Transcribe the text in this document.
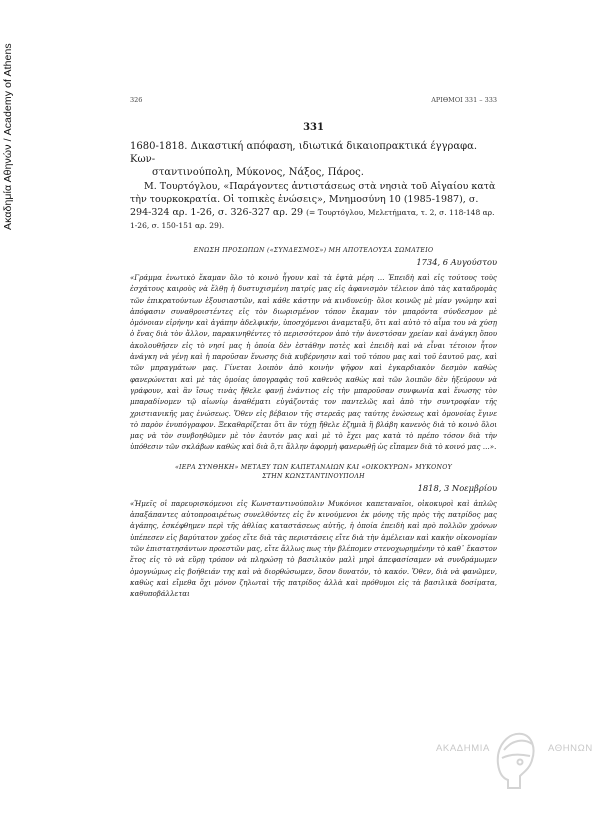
Ακαδημία Αθηνών / Academy of Athens	326	ΑΡΙΘΜΟΙ 331 – 333
331
1680-1818. Δικαστική απόφαση, ιδιωτικά δικαιοπρακτικά έγγραφα. Κων-
σταντινούπολη, Μύκονος, Νάξος, Πάρος.
Μ. Τουρτόγλου, «Παράγοντες ἀντιστάσεως στὰ νησιὰ τοῦ Αἰγαίου κατὰ τὴν τουρκοκρατία. Οἱ τοπικὲς ἑνώσεις», Μνημοσύνη 10 (1985-1987), σ. 294-324 αρ. 1-26, σ. 326-327 αρ. 29 (= Τουρτόγλου, Μελετήματα, τ. 2, σ. 118-148 αρ. 1-26, σ. 150-151 αρ. 29).
ΕΝΩΣΗ ΠΡΟΣΩΠΩΝ («ΣΥΝΔΕΣΜΟΣ») ΜΗ ΑΠΟΤΕΛΟΥΣΑ ΣΩΜΑΤΕΙΟ
1734, 6 Αυγούστου
«Γράμμα ἑνωτικὸ ἔκαμαν ὅλο τὸ κοινὸ ἦγουν καὶ τὰ ἑφτὰ μέρη … Ἐπειδὴ καὶ εἰς τούτους τοὺς ἐσχάτους καιροὺς νὰ ἔλθῃ ἡ δυστυχισμένη πατρίς μας εἰς ἀφανισμὸν τέλειον ἀπὸ τὰς καταδρομὰς τῶν ἐπικρατούντων ἐξουσιαστῶν, καὶ κάθε κάστην νὰ κινδυνεύῃ· ὅλοι κοινῶς μὲ μίαν γνώμην καὶ ἀπόφασιν συναθροιστέντες εἰς τὸν διωρισμένον τόπον ἔκαμαν τὸν μπαρόντα σύνδεσμον μὲ ὁμόνοιαν εἰρήνην καὶ ἀγάπην ἀδελφικήν, ὑποσχόμενοι ἀναμεταξύ, ὅτι καὶ αὐτὸ τὸ αἷμα του νὰ χύσῃ ὁ ἕνας διὰ τὸν ἄλλον, παρακινηθέντες τὸ περισσότερον ἀπὸ τὴν ἀνεστόσαν χρείαν καὶ ἀνάγκη ὅπου ἀκολουθῆσεν εἰς τὸ νησί μας ἡ ὁποία δὲν ἐστάθην ποτὲς καὶ ἐπειδὴ καὶ νὰ εἶναι τέτοιον ἦτον ἀνάγκη νὰ γένῃ καὶ ἡ παροῦσαν ἕνωσης διὰ κυβέρνησιν καὶ τοῦ τόπου μας καὶ τοῦ ἑαυτοῦ μας, καὶ τῶν μπραγμάτων μας. Γίνεται λοιπὸν ἀπὸ κοινὴν ψῆφον καὶ ἐγκαρδιακὸν δεσμὸν καθὼς φανερώνεται καὶ μὲ τὰς ὁμοίας ὑπογραφὰς τοῦ καθενὸς καθὼς καὶ τῶν λοιπῶν δὲν ἠξεύρουν νὰ γράφουν, καὶ ἂν ἴσως τινὰς ἤθελε φανῇ ἐνάντιος εἰς τὴν μπαροῦσαν συνφωνία καὶ ἕνωσης τὸν μπαραδίνομεν τῷ αἰωνίῳ ἀναθέματι εὐγάζοντάς τον παντελῶς καὶ ἀπὸ τὴν συντροφίαν τῆς χριστιανικῆς μας ἑνώσεως. Ὅθεν εἰς βέβαιον τῆς στερεᾶς μας ταύτης ἑνώσεως καὶ ὁμονοίας ἔγινε τὸ παρὸν ἐνυπόγραφον. Ξεκαθαρίζεται ὅτι ἂν τύχῃ ἤθελε ἐζημιὰ ἢ βλάβη κανενὸς διὰ τὸ κοινὸ ὅλοι μας νὰ τὸν συνβοηθῶμεν μὲ τὸν ἑαυτόν μας καὶ μὲ τὸ ἔχει μας κατὰ τὸ πρέπο τόσον διὰ τὴν ὑπόθεσιν τῶν σκλάβων καθὼς καὶ διὰ ὅ,τι ἄλλην ἀφορμὴ φανερωθῇ ὡς εἴπαμεν διὰ τὸ κοινό μας …».
«ΙΕΡΑ ΣΥΝΘΗΚΗ» ΜΕΤΑΞΥ ΤΩΝ ΚΑΠΕΤΑΝΑΙΩΝ ΚΑΙ «ΟΙΚΟΚΥΡΩΝ» ΜΥΚΟΝΟΥ
ΣΤΗΝ ΚΩΝΣΤΑΝΤΙΝΟΥΠΟΛΗ
1818, 3 Νοεμβρίου
«Ἡμεῖς οἱ παρευρισκόμενοι εἰς Κωνσταντινούπολιν Μυκόνιοι καπεταναῖοι, οἰκοκυροὶ καὶ ἁπλῶς ἀπαξάπαντες αὐτοπροαιρέτως συνελθόντες εἰς ἓν κινούμενοι ἐκ μόνης τῆς πρὸς τὴς πατρίδος μας ἀγάπης, ἐσκέφθημεν περὶ τῆς ἀθλίας καταστάσεως αὐτῆς, ἡ ὁποία ἐπειδὴ καὶ πρὸ πολλῶν χρόνων ὑπέπεσεν εἰς βαρύτατον χρέος εἴτε διὰ τὰς περιστάσεις εἴτε διὰ τὴν ἀμέλειαν καὶ κακὴν οἰκονομίαν τῶν ἐπιστατησάντων προεστῶν μας, εἴτε ἄλλως πως τὴν βλέπομεν στενοχωρημένην τὸ καθ᾽ ἕκαστον ἔτος εἰς τὸ νὰ εὕρῃ τρόπον νὰ πληρώσῃ τὸ βασιλικὸν μαλὶ μηρὶ ἀπεφασίσαμεν νὰ συνδράμωμεν ὁμογνώμως εἰς βοήθειάν της καὶ νὰ διορθώσωμεν, ὅσον δυνατόν, τὸ κακόν. Ὅθεν, διὰ νὰ φανῶμεν, καθὼς καὶ εἴμεθα ὄχι μόνον ζηλωταὶ τῆς πατρίδος ἀλλὰ καὶ πρόθυμοι εἰς τὰ βασιλικὰ δοσίματα, καθυποβάλλεται
ΑΚΑΔΗΜΙΑ	ΑΘΗΝΩΝ
